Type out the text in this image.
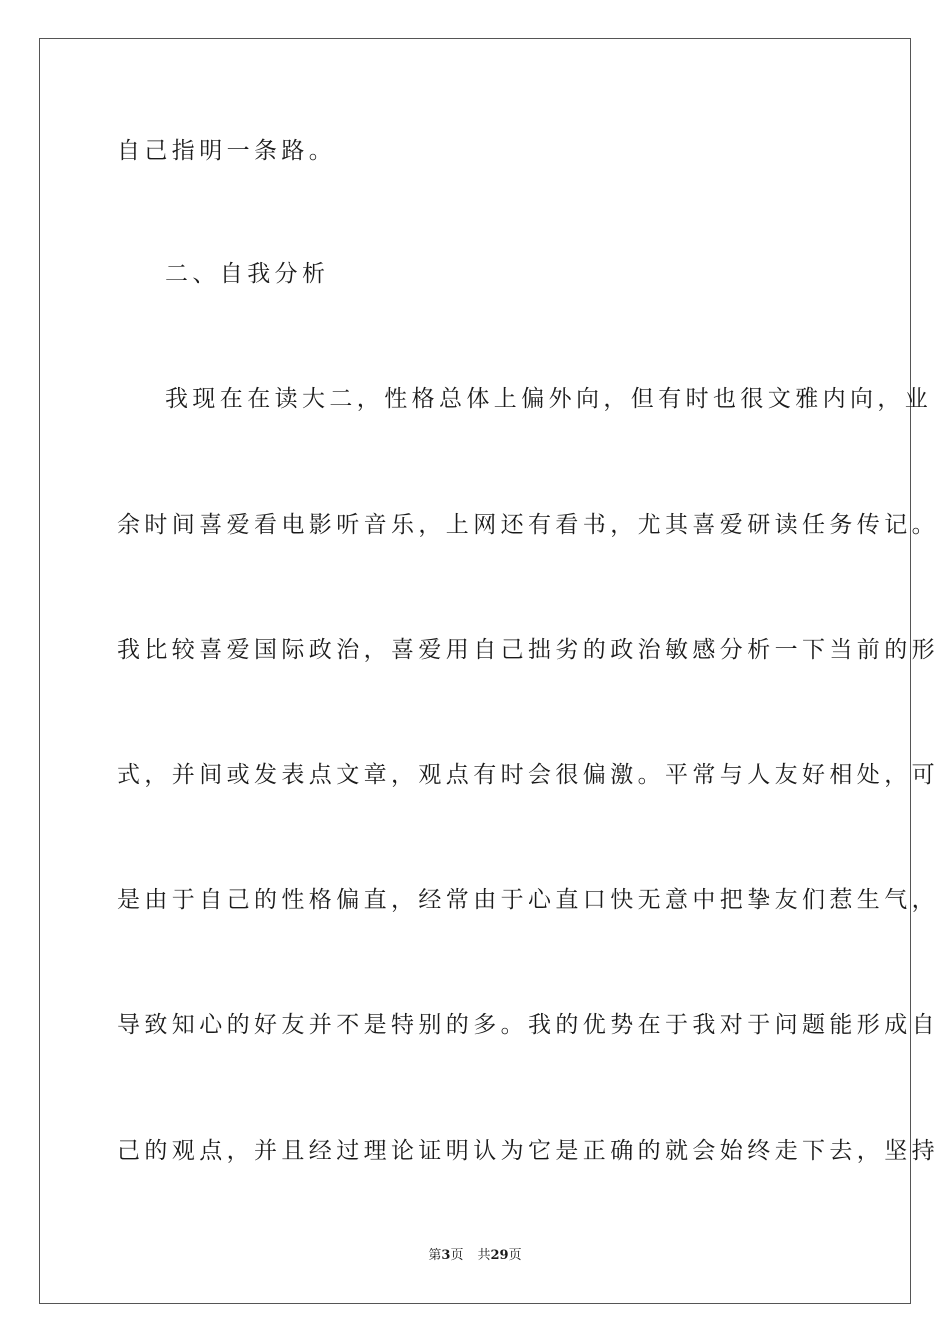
自己指明一条路。
二、自我分析
我现在在读大二，性格总体上偏外向，但有时也很文雅内向，业
余时间喜爱看电影听音乐，上网还有看书，尤其喜爱研读任务传记。
我比较喜爱国际政治，喜爱用自己拙劣的政治敏感分析一下当前的形
式，并间或发表点文章，观点有时会很偏激。平常与人友好相处，可
是由于自己的性格偏直，经常由于心直口快无意中把挚友们惹生气，
导致知心的好友并不是特别的多。我的优势在于我对于问题能形成自
己的观点，并且经过理论证明认为它是正确的就会始终走下去，坚持
第3页 共29页
